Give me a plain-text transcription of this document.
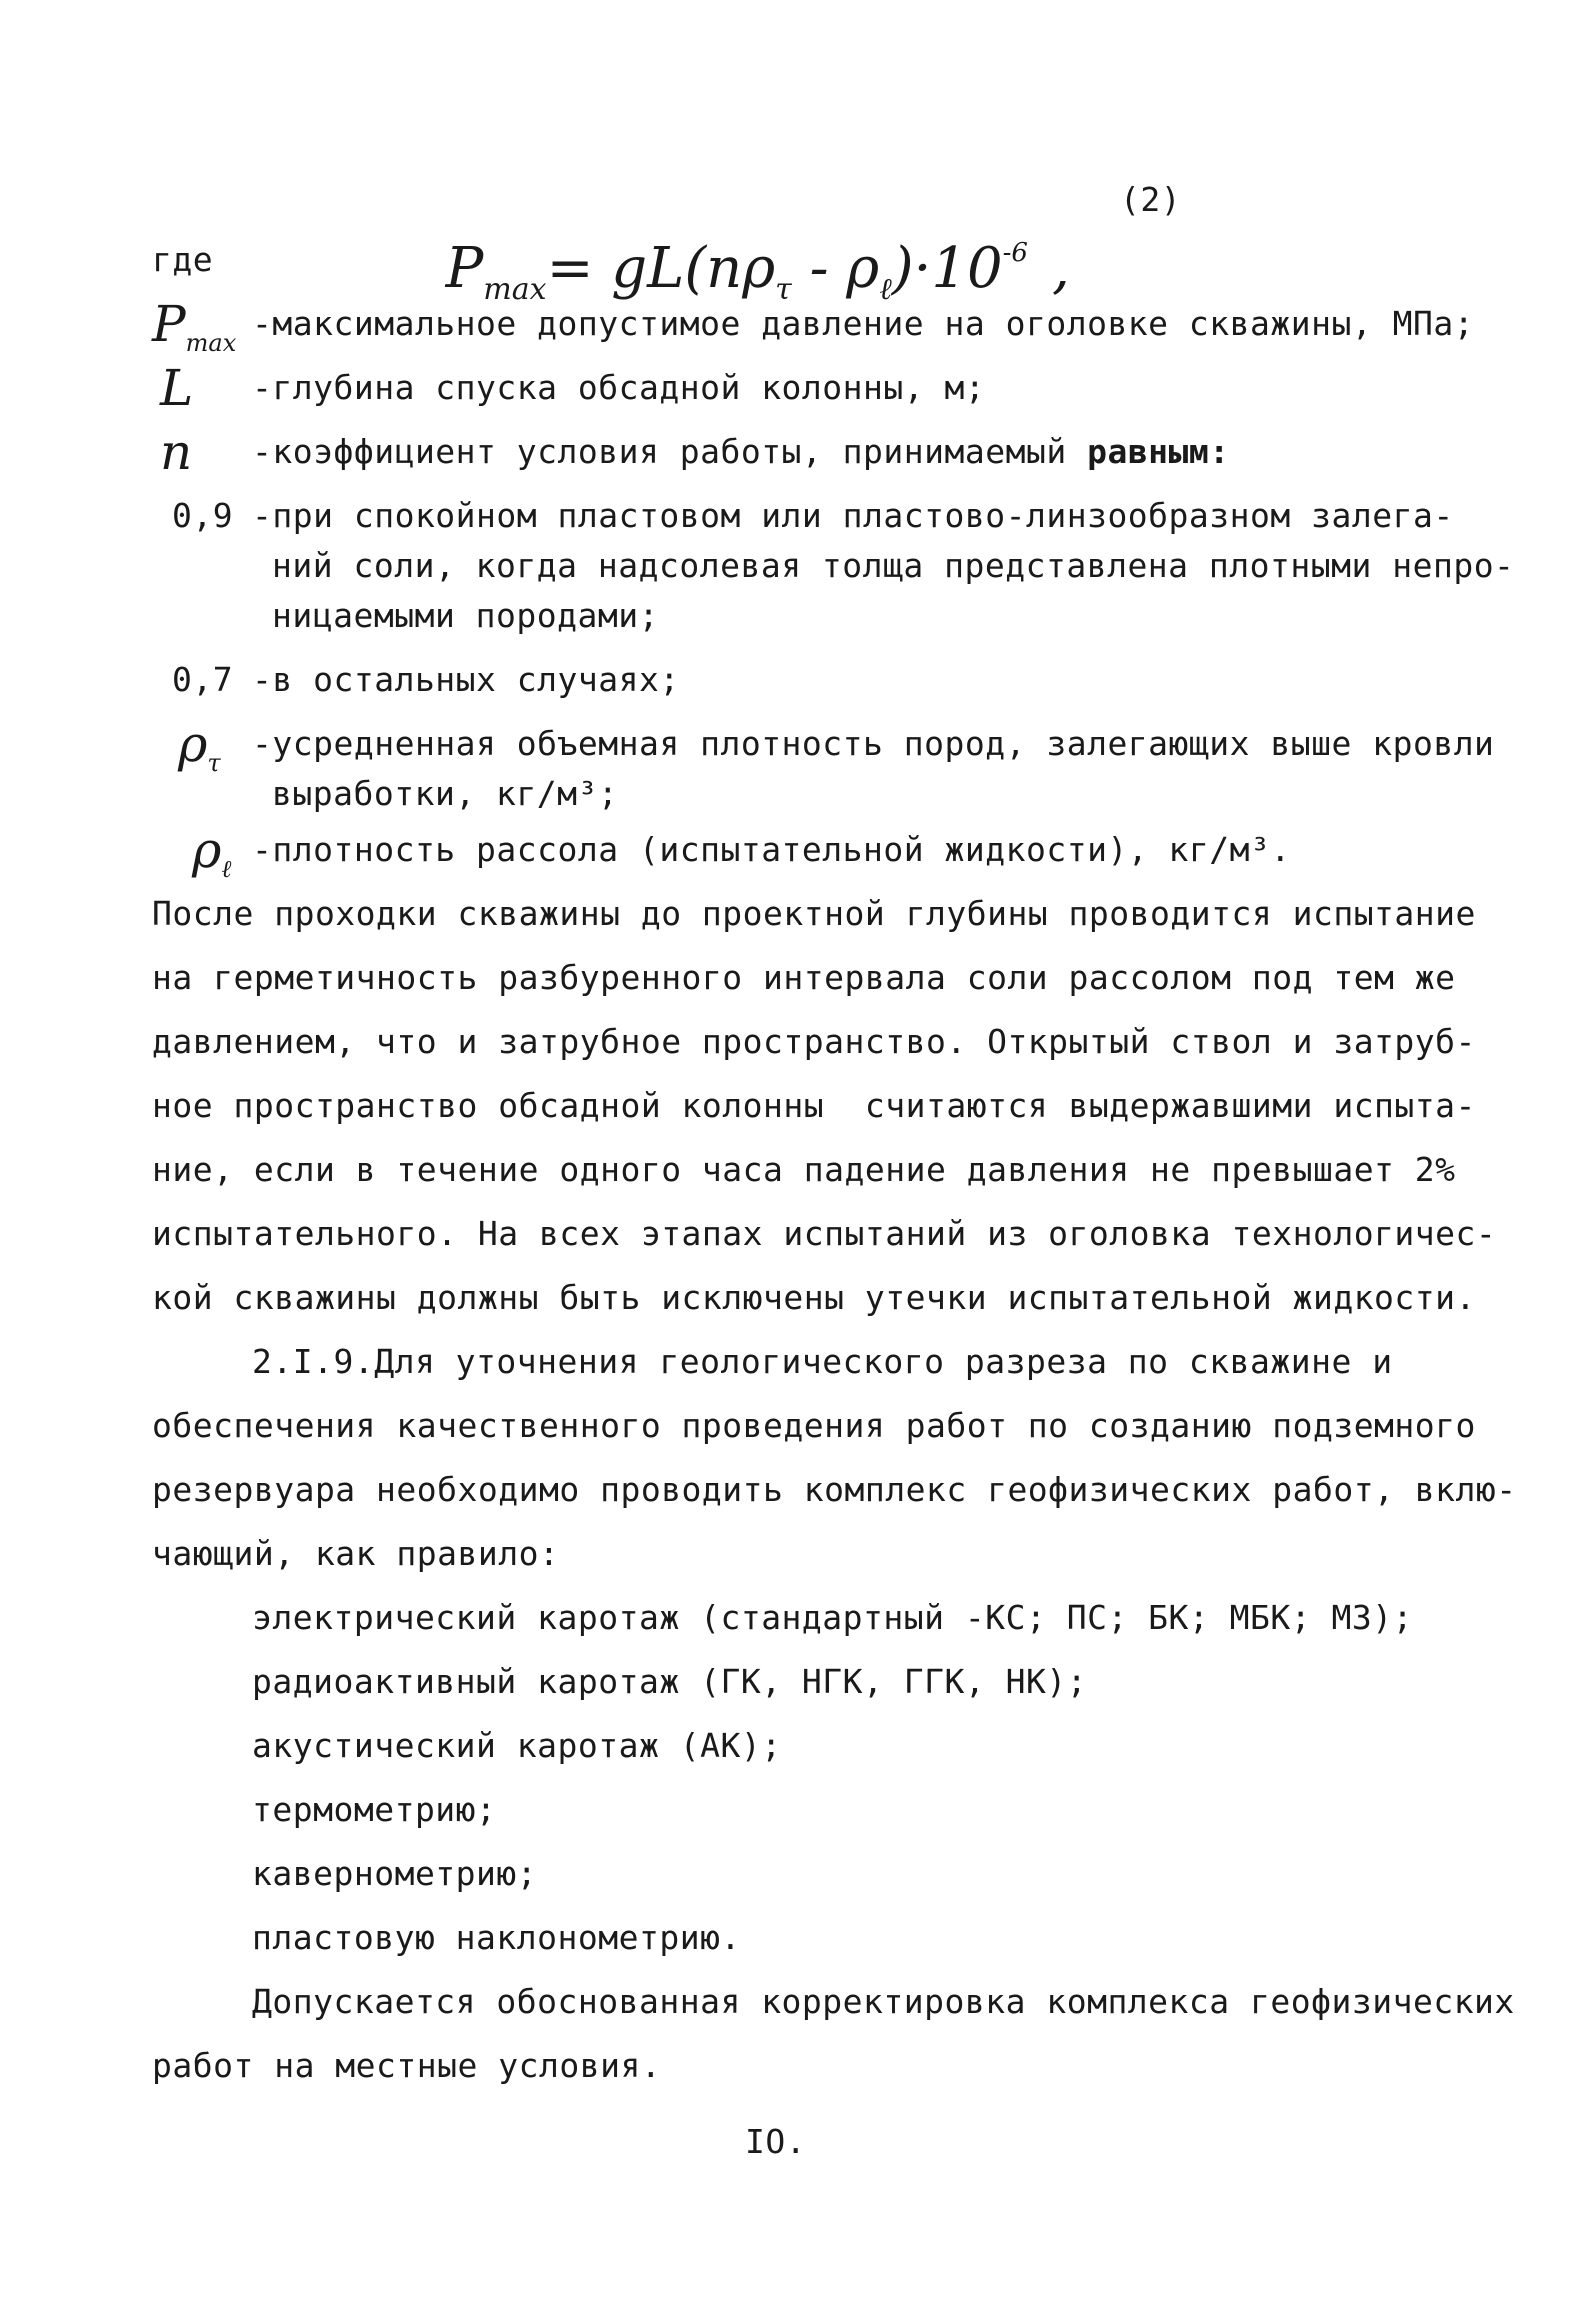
$P_{max}= gL(n\rho_\tau - \rho_\ell)\cdot 10^{-6}$ ,

(2)
где
$P_{max}$ -максимальное допустимое давление на оголовке скважины, МПа;
L -глубина спуска обсадной колонны, м;
n -коэффициент условия работы, принимаемый равным:
0,9 -при спокойном пластовом или пластово-линзообразном залега-
ний соли, когда надсолевая толща представлена плотными непро-
ницаемыми породами;
0,7 -в остальных случаях;
$\rho_\tau$ -усредненная объемная плотность пород, залегающих выше кровли
выработки, кг/м³;
$\rho_\ell$ -плотность рассола (испытательной жидкости), кг/м³.
После проходки скважины до проектной глубины проводится испытание
на герметичность разбуренного интервала соли рассолом под тем же
давлением, что и затрубное пространство. Открытый ствол и затруб-
ное пространство обсадной колонны  считаются выдержавшими испыта-
ние, если в течение одного часа падение давления не превышает 2%
испытательного. На всех этапах испытаний из оголовка технологичес-
кой скважины должны быть исключены утечки испытательной жидкости.
2.I.9.Для уточнения геологического разреза по скважине и
обеспечения качественного проведения работ по созданию подземного
резервуара необходимо проводить комплекс геофизических работ, вклю-
чающий, как правило:
электрический каротаж (стандартный -КС; ПС; БК; МБК; МЗ);
радиоактивный каротаж (ГК, НГК, ГГК, НК);
акустический каротаж (АК);
термометрию;
кавернометрию;
пластовую наклонометрию.
Допускается обоснованная корректировка комплекса геофизических
работ на местные условия.
IO.
